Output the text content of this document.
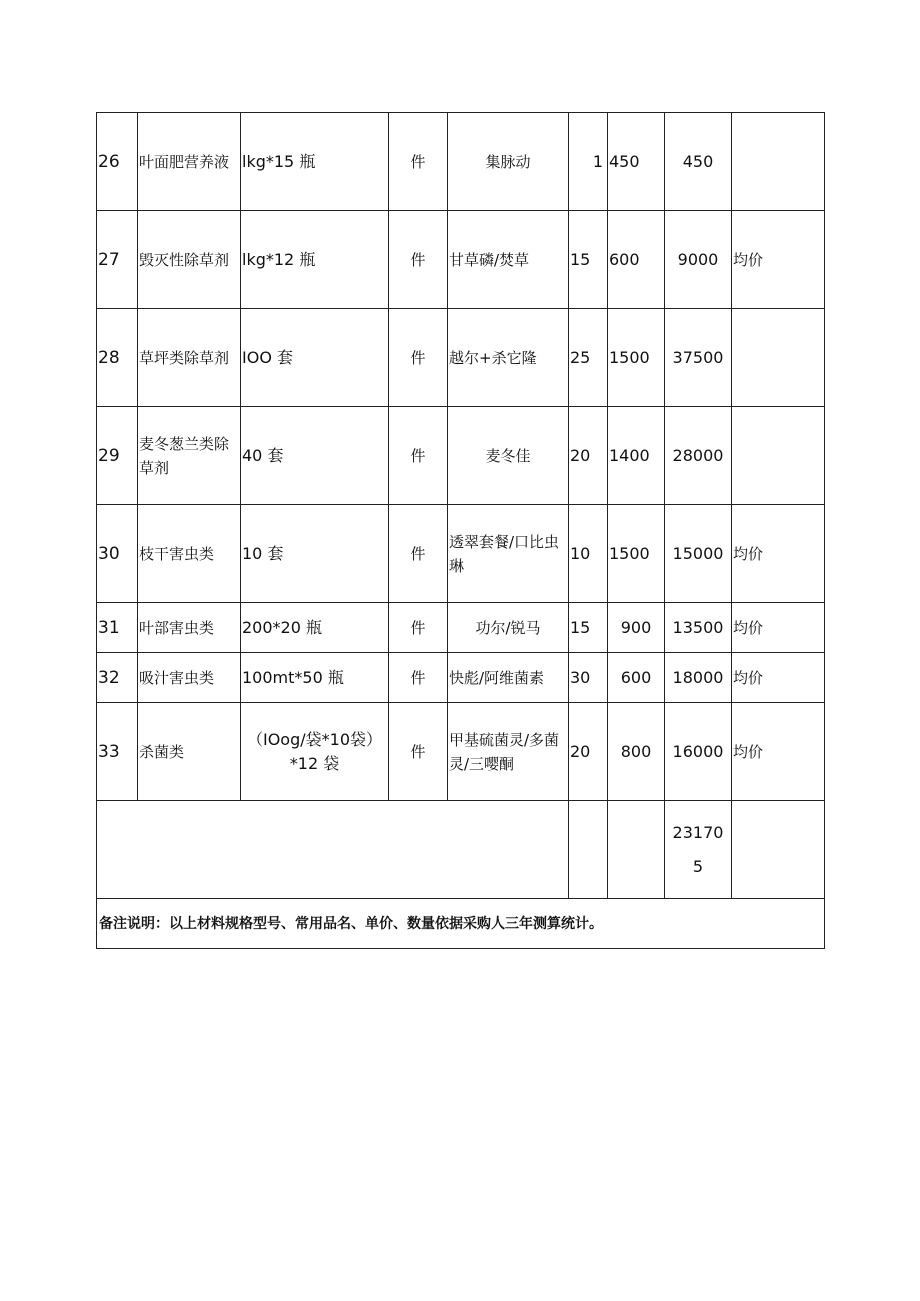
26	叶面肥营养液	lkg*15 瓶	件	集脉动	1	450	450	
27	毁灭性除草剂	lkg*12 瓶	件	甘草磷/焚草	15	600	9000	均价
28	草坪类除草剂	IOO 套	件	越尔+杀它隆	25	1500	37500	
29	麦冬葱兰类除草剂	40 套	件	麦冬佳	20	1400	28000	
30	枝干害虫类	10 套	件	透翠套餐/口比虫琳	10	1500	15000	均价
31	叶部害虫类	200*20 瓶	件	功尔/锐马	15	900	13500	均价
32	吸汁害虫类	100mt*50 瓶	件	快彪/阿维菌素	30	600	18000	均价
33	杀菌类	（IOog/袋*10袋）*12 袋	件	甲基硫菌灵/多菌灵/三嘤酮	20	800	16000	均价
							231705	
备注说明：以上材料规格型号、常用品名、单价、数量依据采购人三年测算统计。								
